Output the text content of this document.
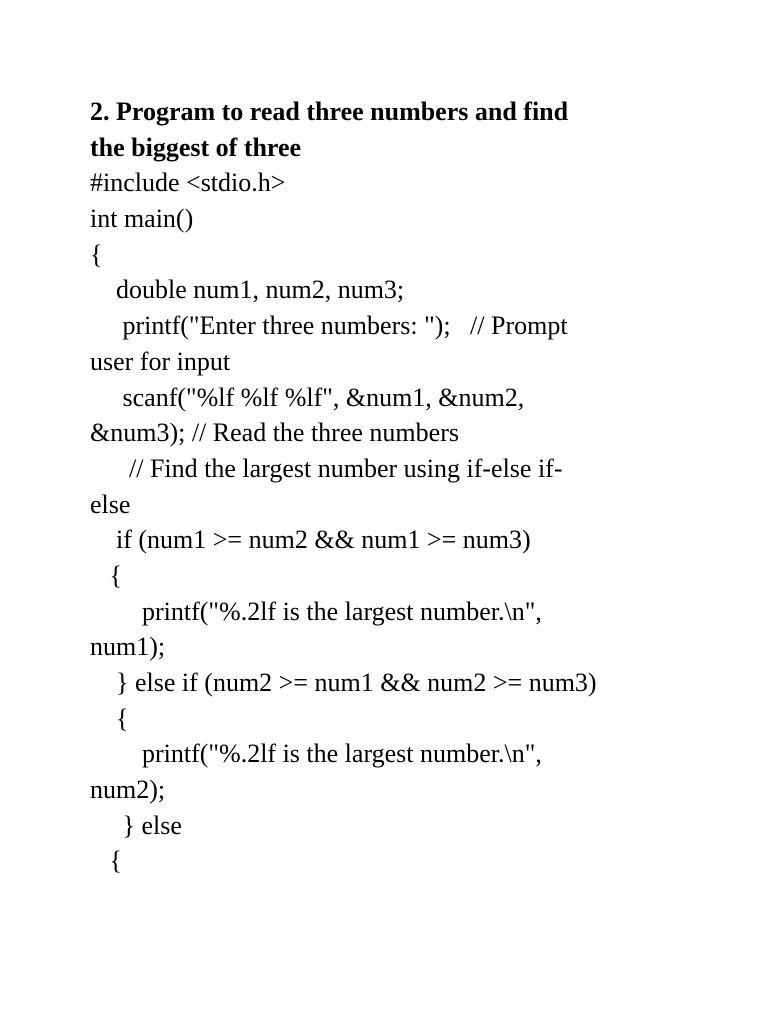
2. Program to read three numbers and find
the biggest of three
#include <stdio.h>
int main()
{
double num1, num2, num3;
printf("Enter three numbers: ");   // Prompt
user for input
scanf("%lf %lf %lf", &num1, &num2,
&num3); // Read the three numbers
// Find the largest number using if-else if-
else
if (num1 >= num2 && num1 >= num3)
{
printf("%.2lf is the largest number.\n",
num1);
} else if (num2 >= num1 && num2 >= num3)
{
printf("%.2lf is the largest number.\n",
num2);
} else
{
